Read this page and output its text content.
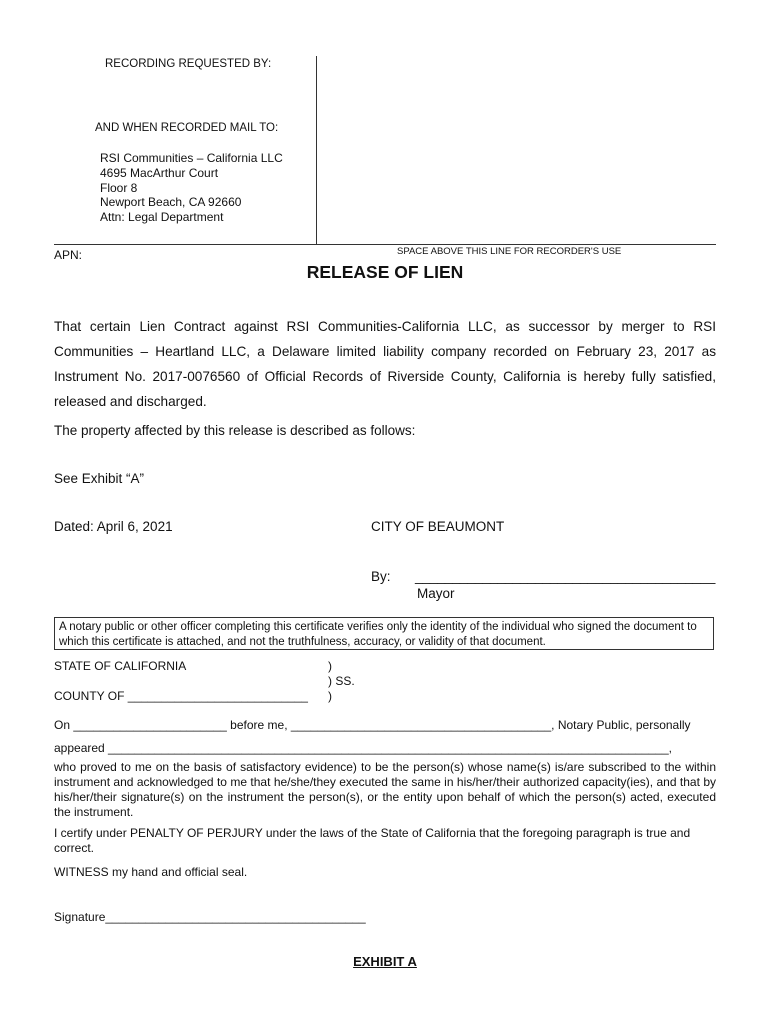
RECORDING REQUESTED BY:
AND WHEN RECORDED MAIL TO:
RSI Communities – California LLC
4695 MacArthur Court
Floor 8
Newport Beach, CA 92660
Attn: Legal Department
APN:	SPACE ABOVE THIS LINE FOR RECORDER'S USE
RELEASE OF LIEN
That certain Lien Contract against RSI Communities-California LLC, as successor by merger to RSI Communities – Heartland LLC, a Delaware limited liability company recorded on February 23, 2017 as Instrument No. 2017-0076560 of Official Records of Riverside County, California is hereby fully satisfied, released and discharged.
The property affected by this release is described as follows:
See Exhibit “A”
Dated: April 6, 2021	CITY OF BEAUMONT
By: ________________________________________
Mayor
A notary public or other officer completing this certificate verifies only the identity of the individual who signed the document to which this certificate is attached, and not the truthfulness, accuracy, or validity of that document.
STATE OF CALIFORNIA	)
) SS.
)
COUNTY OF ___________________________
On _______________________ before me, _______________________________________, Notary Public, personally
appeared ____________________________________________________________________________________,
who proved to me on the basis of satisfactory evidence) to be the person(s) whose name(s) is/are subscribed to the within instrument and acknowledged to me that he/she/they executed the same in his/her/their authorized capacity(ies), and that by his/her/their signature(s) on the instrument the person(s), or the entity upon behalf of which the person(s) acted, executed the instrument.
I certify under PENALTY OF PERJURY under the laws of the State of California that the foregoing paragraph is true and correct.
WITNESS my hand and official seal.
Signature_______________________________________
EXHIBIT A
